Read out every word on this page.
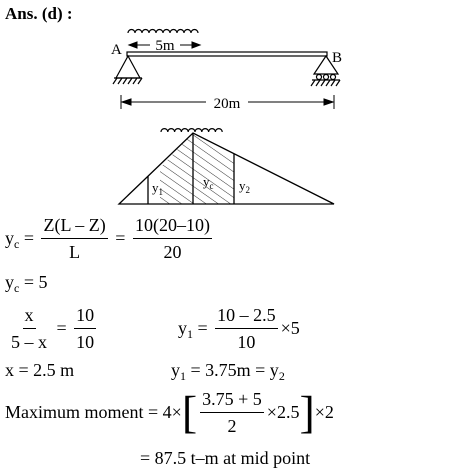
Ans. (d) :
5m
A	B
20m
$y_1$
$y_c$ $y_2$
$y_c = \frac{Z(L - Z)}{L} = \frac{10(20-10)}{20}$
$y_c = 5$
$\frac{x}{5 - x} = \frac{10}{10}$	$y_1 = \frac{10 - 2.5}{10} \times 5$
x = 2.5 m	$y_1 = 3.75m = y_2$
Maximum moment = $4\times[ \frac{3.75 + 5}{2} \times 2.5]\times 2$
= 87.5 t–m at mid point
